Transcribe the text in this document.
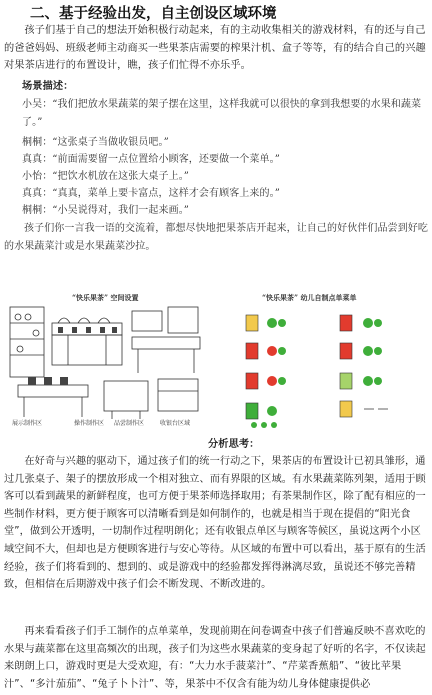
二、基于经验出发，自主创设区域环境
孩子们基于自己的想法开始积极行动起来，有的主动收集相关的游戏材料，有的还与自己的爸爸妈妈、班级老师主动商买一些果茶店需要的榨果汁机、盒子等等，有的结合自己的兴趣对果茶店进行的布置设计，瞧，孩子们忙得不亦乐乎。
场景描述：
小吴：“我们把放水果蔬菜的架子摆在这里，这样我就可以很快的拿到我想要的水果和蔬菜了。”
桐桐：“这张桌子当做收银员吧。”
真真：“前面需要留一点位置给小顾客，还要做一个菜单。”
小怡：“把饮水机放在这张大桌子上。”
真真：“真真，菜单上要卡富点，这样才会有顾客上来的。”
桐桐：“小吴说得对，我们一起来画。”
孩子们你一言我一语的交流着，都想尽快地把果茶店开起来，让自己的好伙伴们品尝到好吃的水果蔬菜汁或是水果蔬菜沙拉。
“快乐果茶” 空间设置
展示制作区	操作制作区 品尝制作区	收银台区域
“快乐果茶” 幼儿自制点单菜单
分析思考：
在好奇与兴趣的驱动下，通过孩子们的统一行动之下，果茶店的布置设计已初具雏形，通过几张桌子、架子的摆放形成一个相对独立、而有界限的区域。有水果蔬菜陈列架，适用于顾客可以看到蔬果的新鲜程度，也可方便于果茶师选择取用；有茶果制作区，除了配有相应的一些制作材料，更方便于顾客可以清晰看到是如何制作的，也就是相当于现在提倡的“阳光食堂”，做到公开透明，一切制作过程明朗化；还有收银点单区与顾客等候区，虽说这两个小区域空间不大，但却也是方便顾客进行与安心等待。从区域的布置中可以看出，基于原有的生活经验，孩子们将看到的、想到的、或是游戏中的经验都发挥得淋漓尽致，虽说还不够完善精致，但相信在后期游戏中孩子们会不断发现、不断改进的。
再来看看孩子们手工制作的点单菜单，发现前期在问卷调查中孩子们普遍反映不喜欢吃的水果与蔬菜都在这里高频次的出现，孩子们为这些水果蔬菜的变身起了好听的名字，不仅读起来朗朗上口，游戏时更是大受欢迎，有：“大力水手菠菜汁”、“芹菜香蕉船”、“彼比苹果汁”、“多汁茄茄”、“兔子卜卜汁”、等，果茶中不仅含有能为幼儿身体健康提供必
